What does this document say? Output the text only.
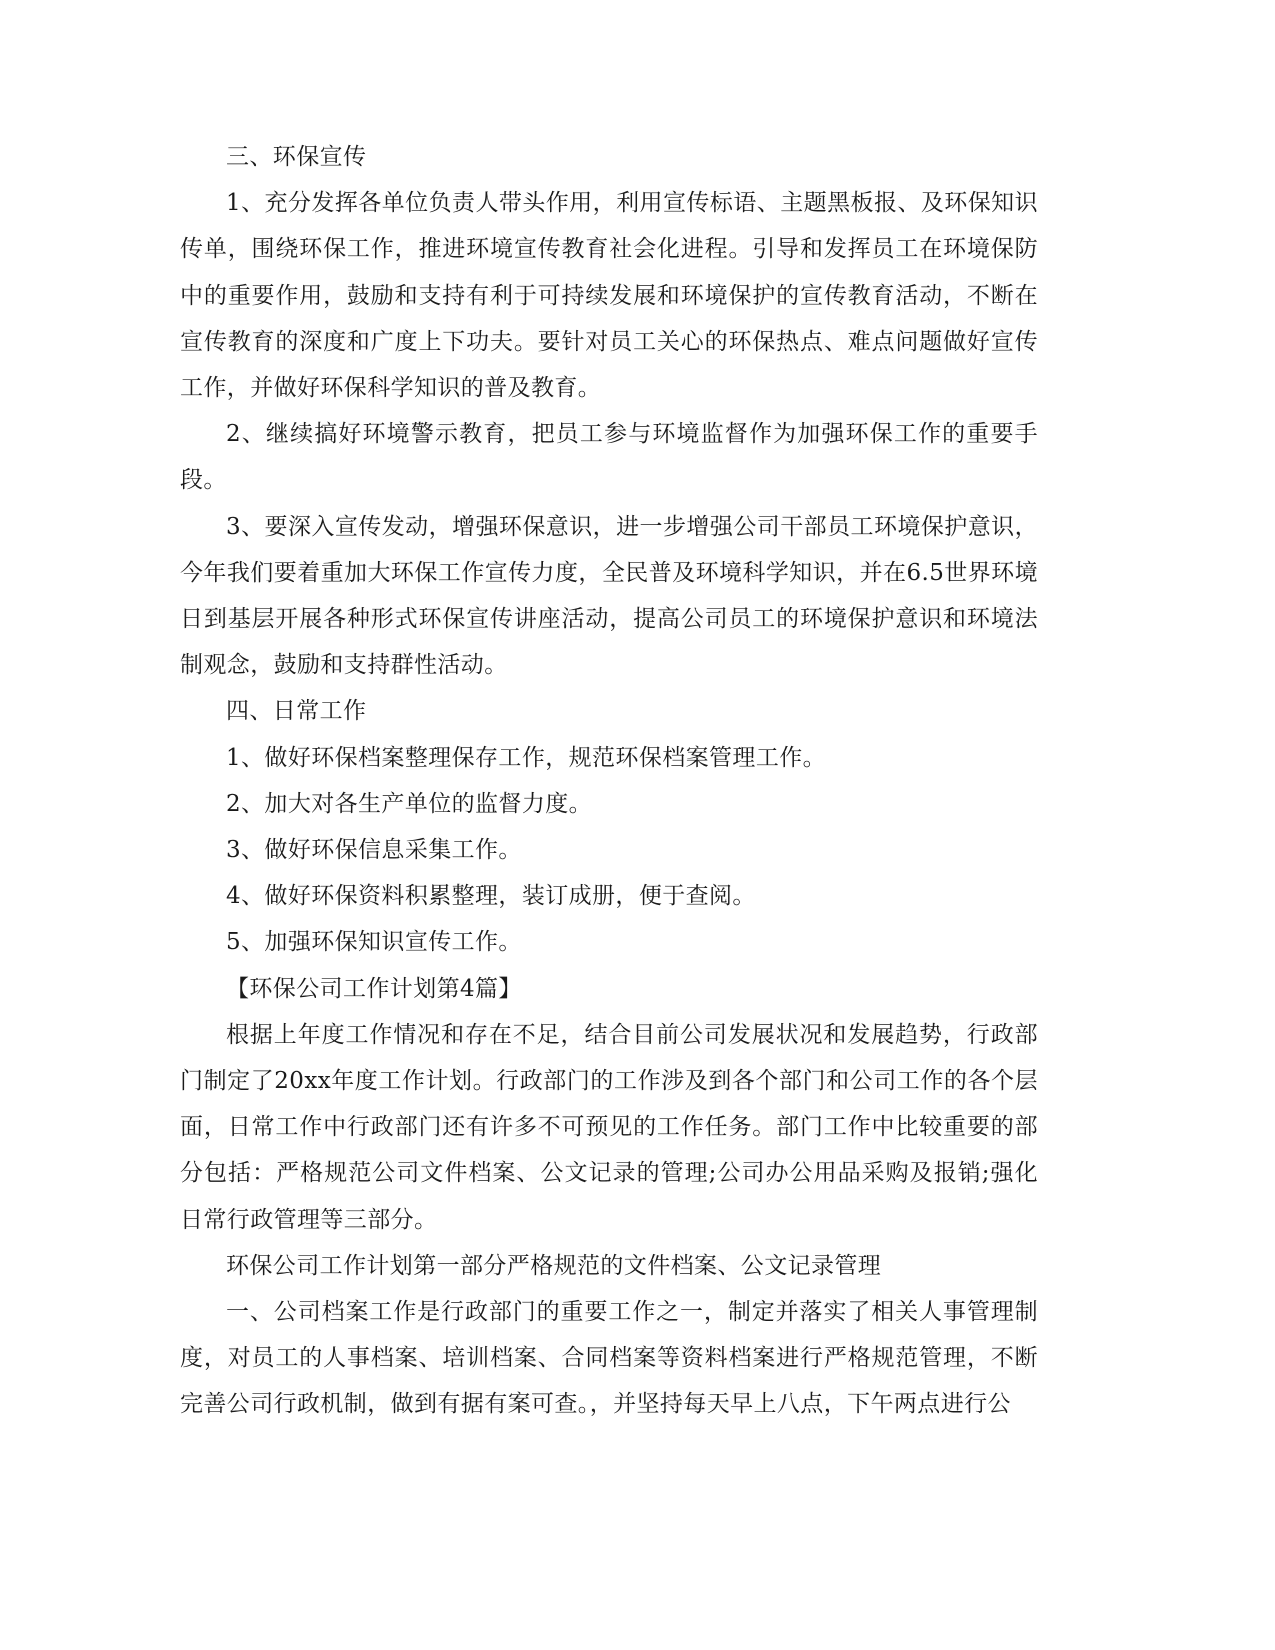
三、环保宣传

1、充分发挥各单位负责人带头作用，利用宣传标语、主题黑板报、及环保知识传单，围绕环保工作，推进环境宣传教育社会化进程。引导和发挥员工在环境保防中的重要作用，鼓励和支持有利于可持续发展和环境保护的宣传教育活动，不断在宣传教育的深度和广度上下功夫。要针对员工关心的环保热点、难点问题做好宣传工作，并做好环保科学知识的普及教育。

2、继续搞好环境警示教育，把员工参与环境监督作为加强环保工作的重要手段。

3、要深入宣传发动，增强环保意识，进一步增强公司干部员工环境保护意识，今年我们要着重加大环保工作宣传力度，全民普及环境科学知识，并在6.5世界环境日到基层开展各种形式环保宣传讲座活动，提高公司员工的环境保护意识和环境法制观念，鼓励和支持群性活动。

四、日常工作

1、做好环保档案整理保存工作，规范环保档案管理工作。

2、加大对各生产单位的监督力度。

3、做好环保信息采集工作。

4、做好环保资料积累整理，装订成册，便于查阅。

5、加强环保知识宣传工作。

【环保公司工作计划第4篇】

根据上年度工作情况和存在不足，结合目前公司发展状况和发展趋势，行政部门制定了20xx年度工作计划。行政部门的工作涉及到各个部门和公司工作的各个层面，日常工作中行政部门还有许多不可预见的工作任务。部门工作中比较重要的部分包括：严格规范公司文件档案、公文记录的管理;公司办公用品采购及报销;强化日常行政管理等三部分。

环保公司工作计划第一部分严格规范的文件档案、公文记录管理

一、公司档案工作是行政部门的重要工作之一，制定并落实了相关人事管理制度，对员工的人事档案、培训档案、合同档案等资料档案进行严格规范管理，不断完善公司行政机制，做到有据有案可查。，并坚持每天早上八点，下午两点进行公
